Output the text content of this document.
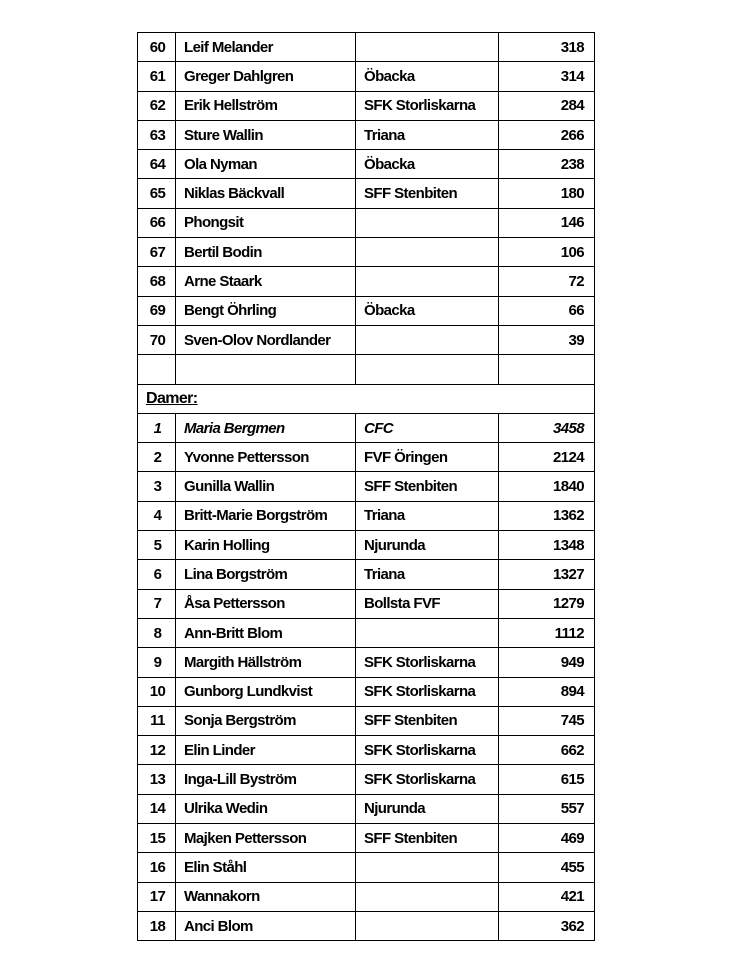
60	Leif Melander		318
61	Greger Dahlgren	Öbacka	314
62	Erik Hellström	SFK Storliskarna	284
63	Sture Wallin	Triana	266
64	Ola Nyman	Öbacka	238
65	Niklas Bäckvall	SFF Stenbiten	180
66	Phongsit		146
67	Bertil Bodin		106
68	Arne Staark		72
69	Bengt Öhrling	Öbacka	66
70	Sven-Olov Nordlander		39

Damer:			
1	Maria Bergmen	CFC	3458
2	Yvonne Pettersson	FVF Öringen	2124
3	Gunilla Wallin	SFF Stenbiten	1840
4	Britt-Marie Borgström	Triana	1362
5	Karin Holling	Njurunda	1348
6	Lina Borgström	Triana	1327
7	Åsa Pettersson	Bollsta FVF	1279
8	Ann-Britt Blom		1112
9	Margith Hällström	SFK Storliskarna	949
10	Gunborg Lundkvist	SFK Storliskarna	894
11	Sonja Bergström	SFF Stenbiten	745
12	Elin Linder	SFK Storliskarna	662
13	Inga-Lill Byström	SFK Storliskarna	615
14	Ulrika Wedin	Njurunda	557
15	Majken Pettersson	SFF Stenbiten	469
16	Elin Ståhl		455
17	Wannakorn		421
18	Anci Blom		362
